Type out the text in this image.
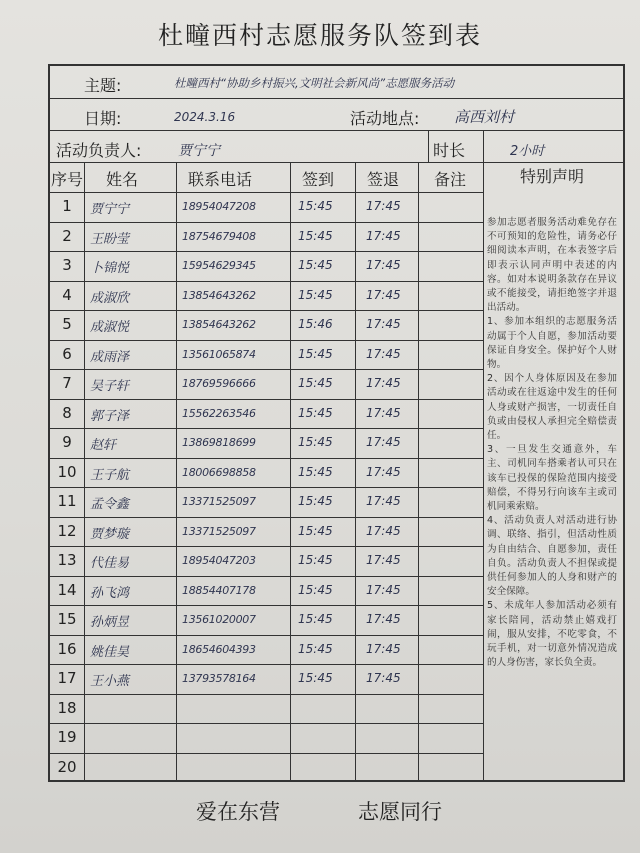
杜疃西村志愿服务队签到表
主题:	杜疃西村“协助乡村振兴,文明社会新风尚”志愿服务活动
日期:	2024.3.16	活动地点: 高西刘村
活动负责人:	贾宁宁	时长	2小时
序号 姓名	联系电话	签到 签退 备注	特别声明
1	贾宁宁	18954047208	15:45	17:45
2	王盼莹	18754679408	15:45	17:45
3	卜锦悦	15954629345	15:45	17:45
4	成淑欣	13854643262	15:45	17:45
5	成淑悦	13854643262	15:46	17:45
6	成雨泽	13561065874	15:45	17:45
7	吴子轩	18769596666	15:45	17:45
8	郭子泽	15562263546	15:45	17:45
9	赵轩	13869818699	15:45	17:45
10	王子航	18006698858	15:45	17:45
11	孟令鑫	13371525097	15:45	17:45
12	贾梦璇	13371525097	15:45	17:45
13	代佳易	18954047203	15:45	17:45
14	孙飞鸿	18854407178	15:45	17:45
15	孙炳昱	13561020007	15:45	17:45
16	姚佳昊	18654604393	15:45	17:45
17	王小燕	13793578164	15:45	17:45
18
19
20

参加志愿者服务活动难免存在不可预知的危险性，请务必仔细阅读本声明，在本表签字后即表示认同声明中表述的内容。如对本说明条款存在异议或不能接受，请拒绝签字并退出活动。

1、参加本组织的志愿服务活动属于个人自愿，参加活动要保证自身安全。保护好个人财物。

2、因个人身体原因及在参加活动或在往返途中发生的任何人身或财产损害，一切责任自负或由侵权人承担完全赔偿责任。

3、一旦发生交通意外，车主、司机同车搭乘者认可只在该车已投保的保险范围内接受赔偿，不得另行向该车主或司机同乘索赔。

4、活动负责人对活动进行协调、联络、指引，但活动性质为自由结合、自愿参加，责任自负。活动负责人不担保或提供任何参加人的人身和财产的安全保障。

5、未成年人参加活动必须有家长陪同，活动禁止嬉戏打闹，服从安排，不吃零食，不玩手机，对一切意外情况造成的人身伤害，家长负全责。

爱在东营	志愿同行
